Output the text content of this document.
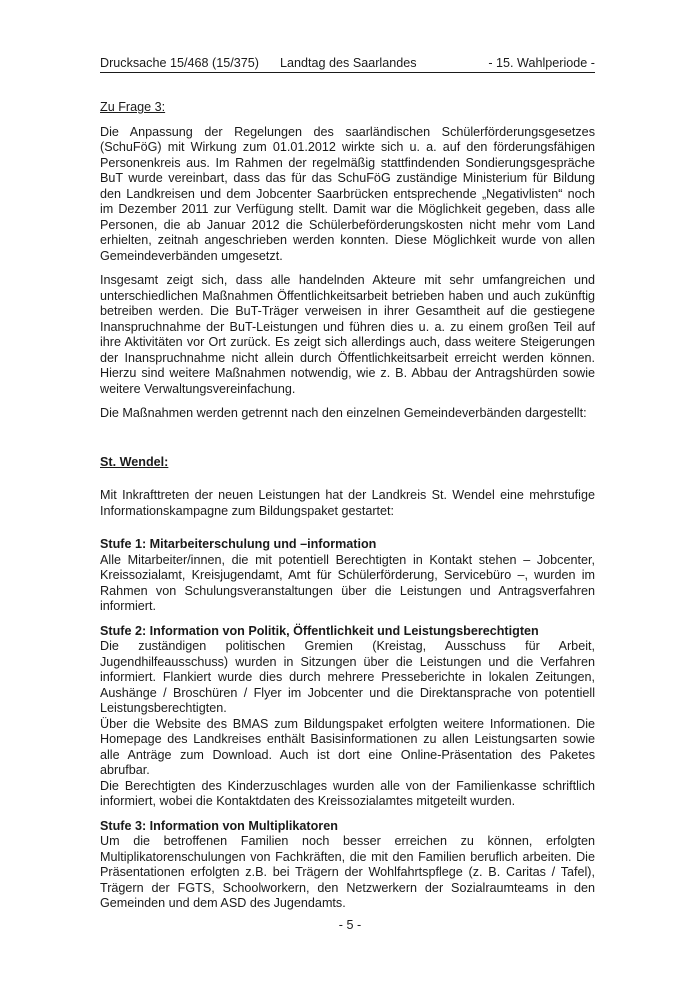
Drucksache 15/468 (15/375) Landtag des Saarlandes	- 15. Wahlperiode -

Zu Frage 3:

Die Anpassung der Regelungen des saarländischen Schülerförderungsgesetzes (SchuFöG) mit Wirkung zum 01.01.2012 wirkte sich u. a. auf den förderungsfähigen Personenkreis aus. Im Rahmen der regelmäßig stattfindenden Sondierungsgespräche BuT wurde vereinbart, dass das für das SchuFöG zuständige Ministerium für Bildung den Landkreisen und dem Jobcenter Saarbrücken entsprechende „Negativlisten“ noch im Dezember 2011 zur Verfügung stellt. Damit war die Möglichkeit gegeben, dass alle Personen, die ab Januar 2012 die Schülerbeförderungskosten nicht mehr vom Land erhielten, zeitnah angeschrieben werden konnten. Diese Möglichkeit wurde von allen Gemeindeverbänden umgesetzt.

Insgesamt zeigt sich, dass alle handelnden Akteure mit sehr umfangreichen und unterschiedlichen Maßnahmen Öffentlichkeitsarbeit betrieben haben und auch zukünftig betreiben werden. Die BuT-Träger verweisen in ihrer Gesamtheit auf die gestiegene Inanspruchnahme der BuT-Leistungen und führen dies u. a. zu einem großen Teil auf ihre Aktivitäten vor Ort zurück. Es zeigt sich allerdings auch, dass weitere Steigerungen der Inanspruchnahme nicht allein durch Öffentlichkeitsarbeit erreicht werden können. Hierzu sind weitere Maßnahmen notwendig, wie z. B. Abbau der Antragshürden sowie weitere Verwaltungsvereinfachung.

Die Maßnahmen werden getrennt nach den einzelnen Gemeindeverbänden dargestellt:

St. Wendel:

Mit Inkrafttreten der neuen Leistungen hat der Landkreis St. Wendel eine mehrstufige Informationskampagne zum Bildungspaket gestartet:

Stufe 1: Mitarbeiterschulung und –information

Alle Mitarbeiter/innen, die mit potentiell Berechtigten in Kontakt stehen – Jobcenter, Kreissozialamt, Kreisjugendamt, Amt für Schülerförderung, Servicebüro –, wurden im Rahmen von Schulungsveranstaltungen über die Leistungen und Antragsverfahren informiert.

Stufe 2: Information von Politik, Öffentlichkeit und Leistungsberechtigten

Die zuständigen politischen Gremien (Kreistag, Ausschuss für Arbeit, Jugendhilfeausschuss) wurden in Sitzungen über die Leistungen und die Verfahren informiert. Flankiert wurde dies durch mehrere Presseberichte in lokalen Zeitungen, Aushänge / Broschüren / Flyer im Jobcenter und die Direktansprache von potentiell Leistungsberechtigten.

Über die Website des BMAS zum Bildungspaket erfolgten weitere Informationen. Die Homepage des Landkreises enthält Basisinformationen zu allen Leistungsarten sowie alle Anträge zum Download. Auch ist dort eine Online-Präsentation des Paketes abrufbar.

Die Berechtigten des Kinderzuschlages wurden alle von der Familienkasse schriftlich informiert, wobei die Kontaktdaten des Kreissozialamtes mitgeteilt wurden.

Stufe 3: Information von Multiplikatoren

Um die betroffenen Familien noch besser erreichen zu können, erfolgten Multiplikatorenschulungen von Fachkräften, die mit den Familien beruflich arbeiten. Die Präsentationen erfolgten z.B. bei Trägern der Wohlfahrtspflege (z. B. Caritas / Tafel), Trägern der FGTS, Schoolworkern, den Netzwerkern der Sozialraumteams in den Gemeinden und dem ASD des Jugendamts.

- 5 -
